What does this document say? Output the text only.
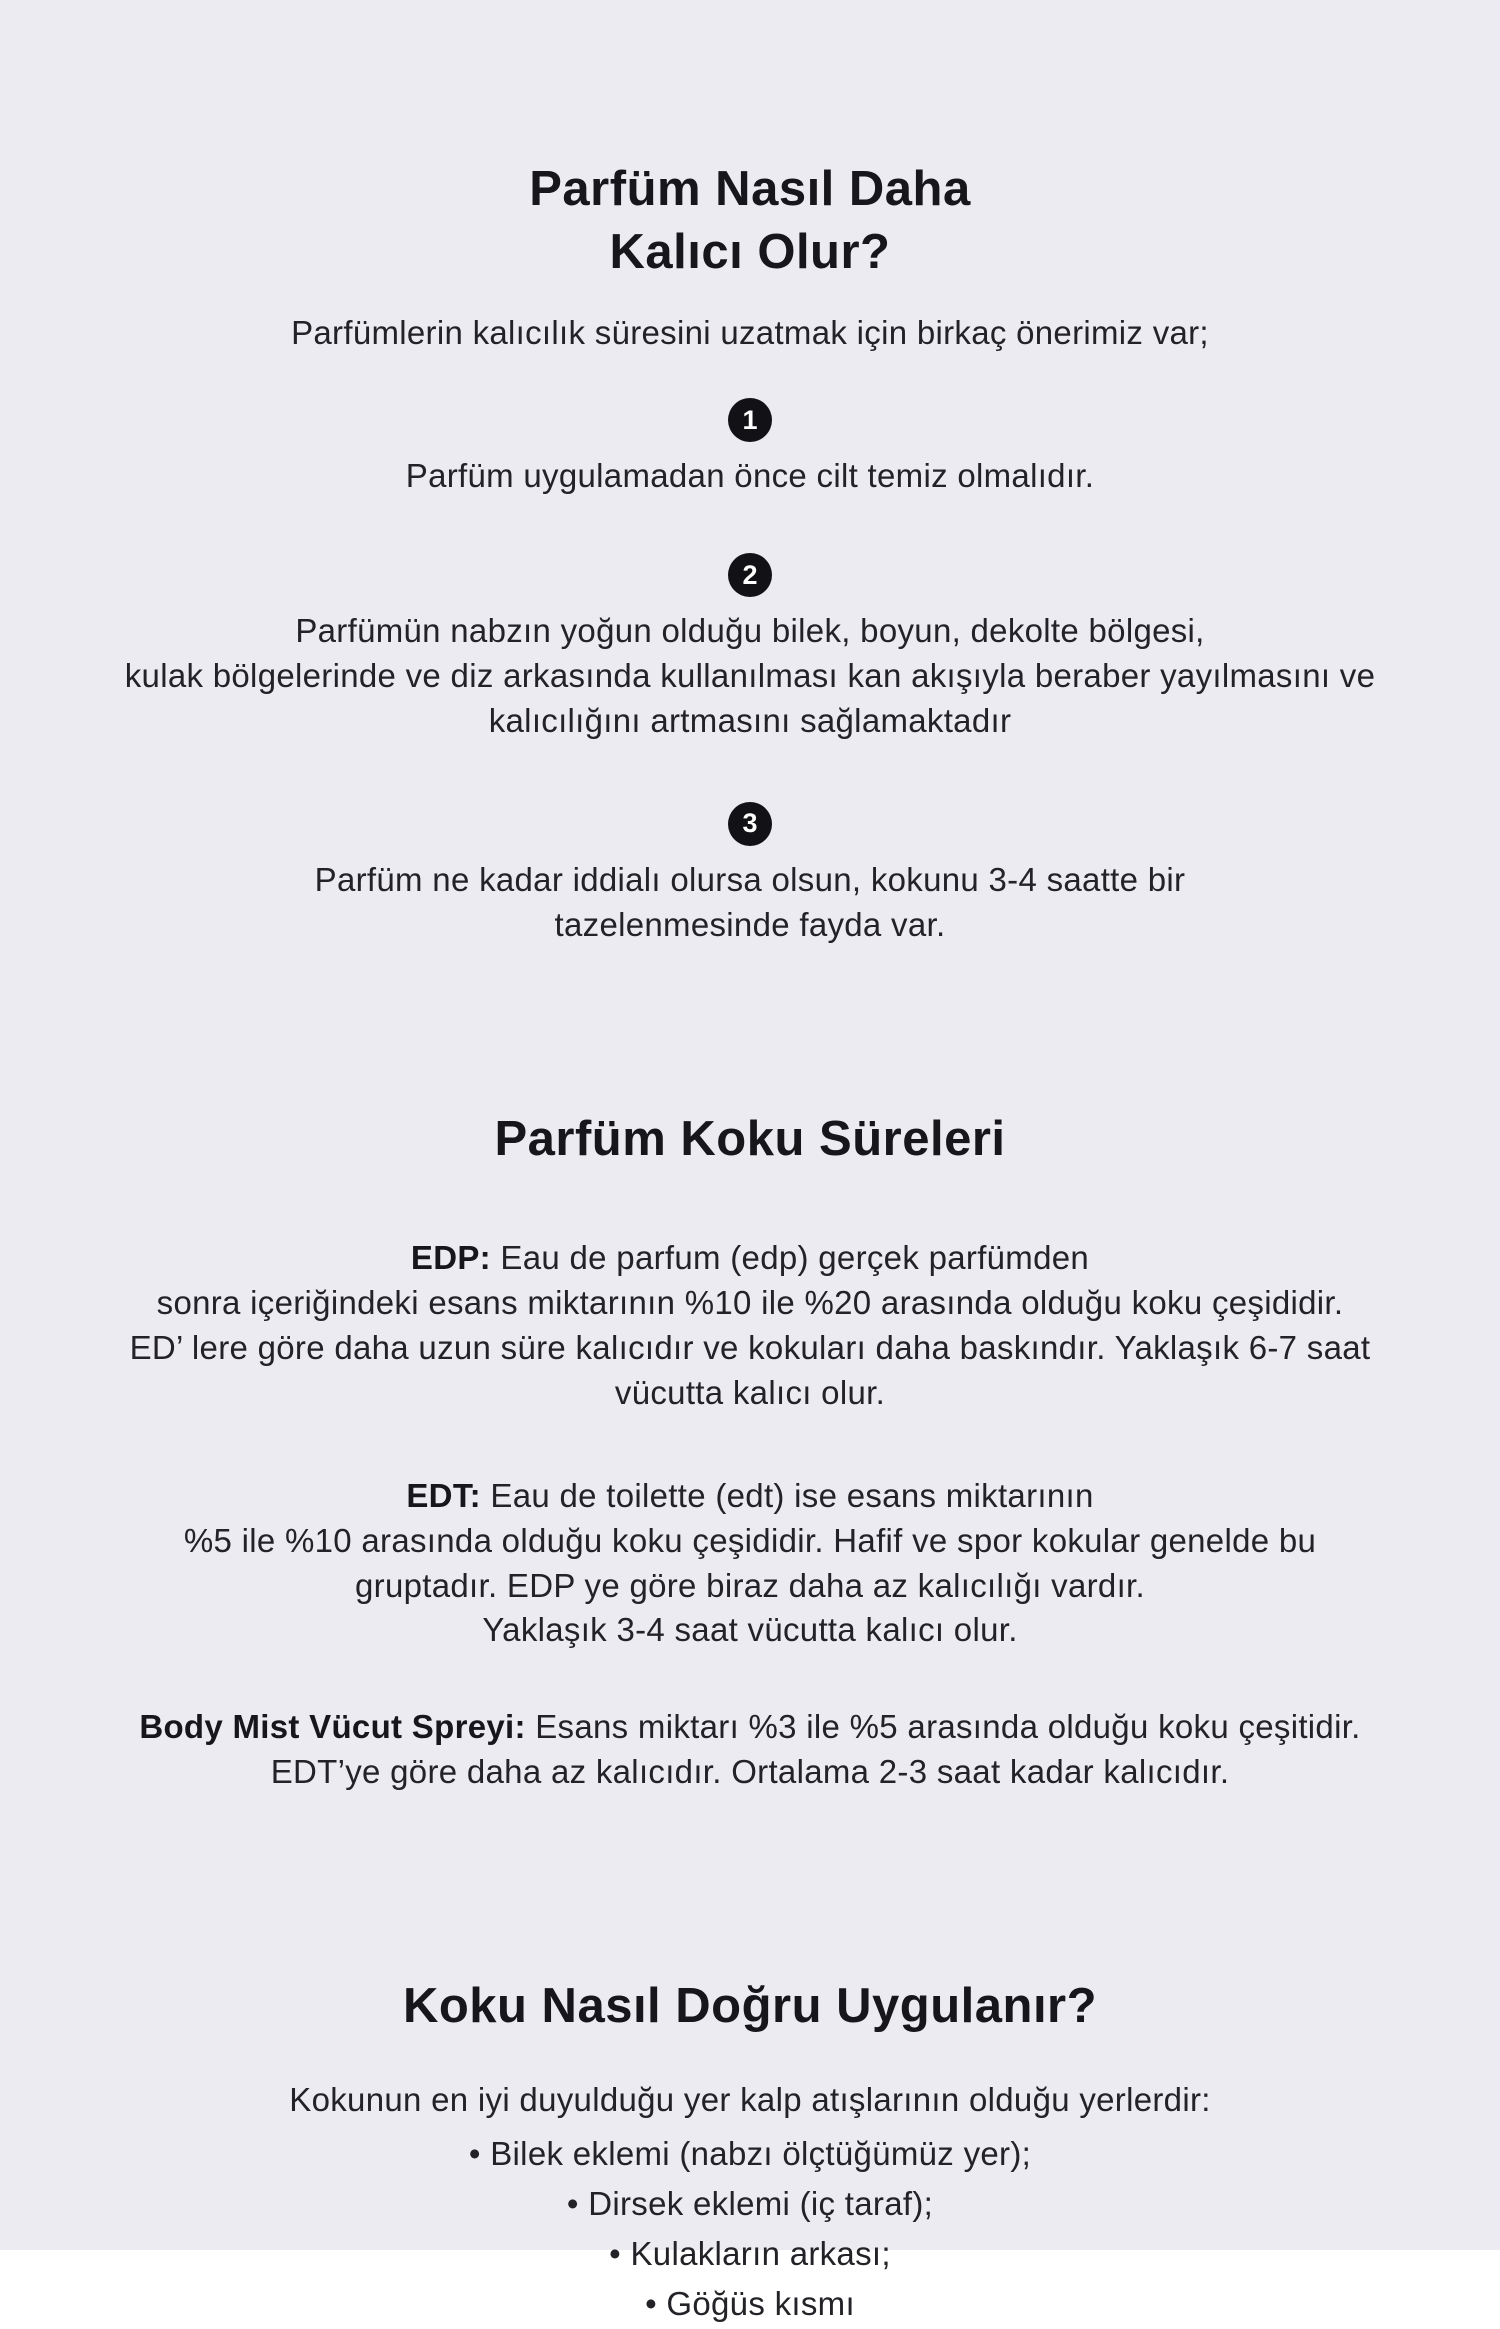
Parfüm Nasıl Daha
Kalıcı Olur?
Parfümlerin kalıcılık süresini uzatmak için birkaç önerimiz var;
1
Parfüm uygulamadan önce cilt temiz olmalıdır.
2
Parfümün nabzın yoğun olduğu bilek, boyun, dekolte bölgesi,
kulak bölgelerinde ve diz arkasında kullanılması kan akışıyla beraber yayılmasını ve
kalıcılığını artmasını sağlamaktadır
3
Parfüm ne kadar iddialı olursa olsun, kokunu 3-4 saatte bir
tazelenmesinde fayda var.
Parfüm Koku Süreleri
EDP: Eau de parfum (edp) gerçek parfümden
sonra içeriğindeki esans miktarının %10 ile %20 arasında olduğu koku çeşididir.
ED’ lere göre daha uzun süre kalıcıdır ve kokuları daha baskındır. Yaklaşık 6-7 saat
vücutta kalıcı olur.
EDT: Eau de toilette (edt) ise esans miktarının
%5 ile %10 arasında olduğu koku çeşididir. Hafif ve spor kokular genelde bu
gruptadır. EDP ye göre biraz daha az kalıcılığı vardır.
Yaklaşık 3-4 saat vücutta kalıcı olur.
Body Mist Vücut Spreyi: Esans miktarı %3 ile %5 arasında olduğu koku çeşitidir.
EDT’ye göre daha az kalıcıdır. Ortalama 2-3 saat kadar kalıcıdır.
Koku Nasıl Doğru Uygulanır?
Kokunun en iyi duyulduğu yer kalp atışlarının olduğu yerlerdir:
• Bilek eklemi (nabzı ölçtüğümüz yer);
• Dirsek eklemi (iç taraf);
• Kulakların arkası;
• Göğüs kısmı
